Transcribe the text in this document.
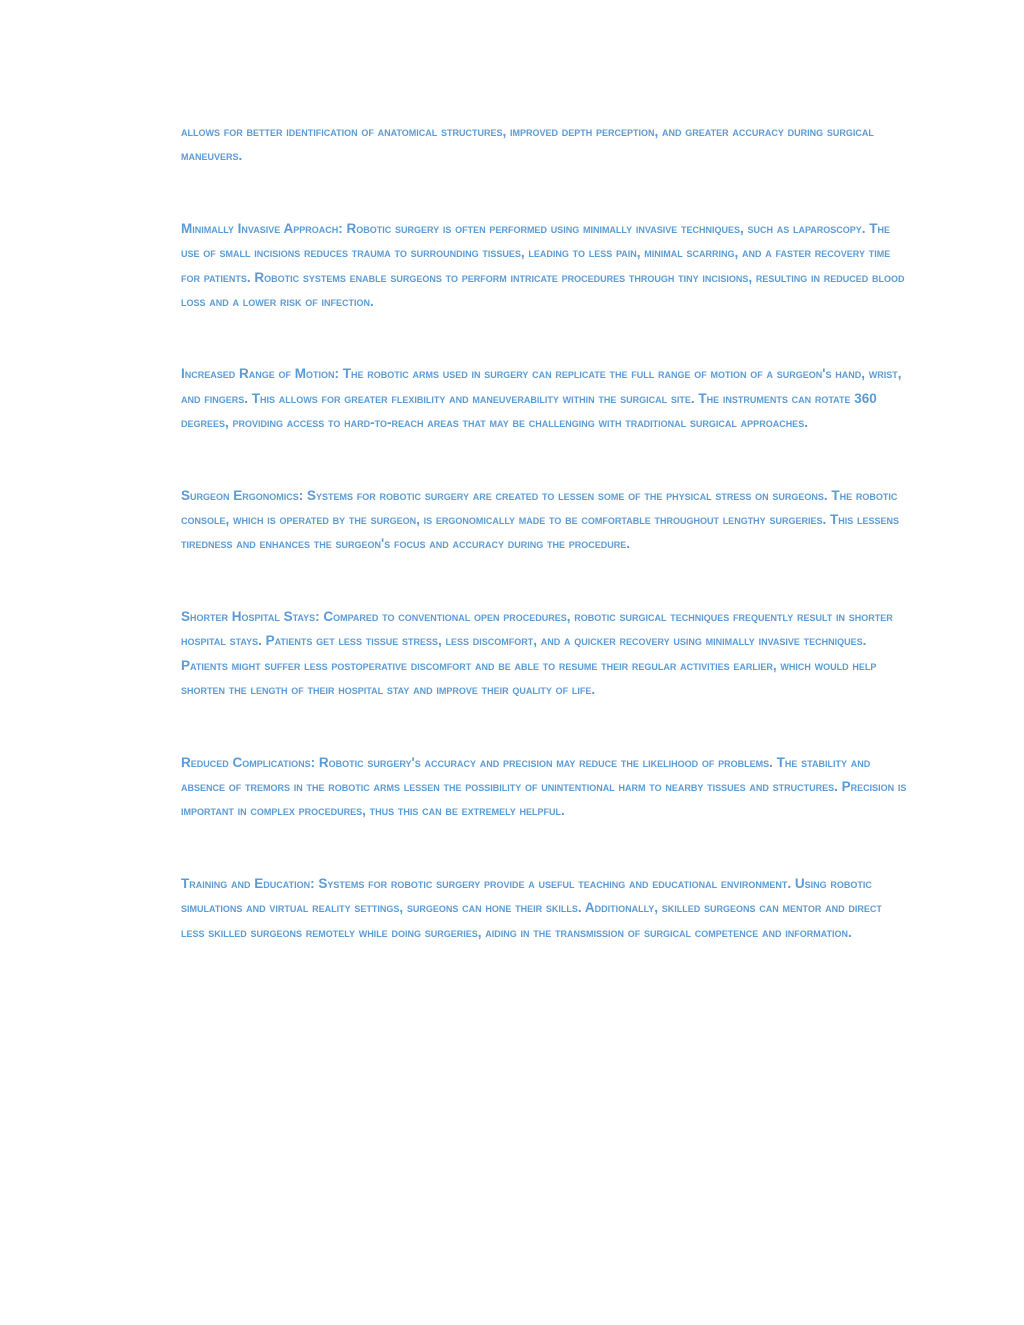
allows for better identification of anatomical structures, improved depth perception, and greater accuracy during surgical maneuvers.

Minimally Invasive Approach: Robotic surgery is often performed using minimally invasive techniques, such as laparoscopy. The use of small incisions reduces trauma to surrounding tissues, leading to less pain, minimal scarring, and a faster recovery time for patients. Robotic systems enable surgeons to perform intricate procedures through tiny incisions, resulting in reduced blood loss and a lower risk of infection.

Increased Range of Motion: The robotic arms used in surgery can replicate the full range of motion of a surgeon's hand, wrist, and fingers. This allows for greater flexibility and maneuverability within the surgical site. The instruments can rotate 360 degrees, providing access to hard-to-reach areas that may be challenging with traditional surgical approaches.

Surgeon Ergonomics: Systems for robotic surgery are created to lessen some of the physical stress on surgeons. The robotic console, which is operated by the surgeon, is ergonomically made to be comfortable throughout lengthy surgeries. This lessens tiredness and enhances the surgeon's focus and accuracy during the procedure.

Shorter Hospital Stays: Compared to conventional open procedures, robotic surgical techniques frequently result in shorter hospital stays. Patients get less tissue stress, less discomfort, and a quicker recovery using minimally invasive techniques. Patients might suffer less postoperative discomfort and be able to resume their regular activities earlier, which would help shorten the length of their hospital stay and improve their quality of life.

Reduced Complications: Robotic surgery's accuracy and precision may reduce the likelihood of problems. The stability and absence of tremors in the robotic arms lessen the possibility of unintentional harm to nearby tissues and structures. Precision is important in complex procedures, thus this can be extremely helpful.

Training and Education: Systems for robotic surgery provide a useful teaching and educational environment. Using robotic simulations and virtual reality settings, surgeons can hone their skills. Additionally, skilled surgeons can mentor and direct less skilled surgeons remotely while doing surgeries, aiding in the transmission of surgical competence and information.
